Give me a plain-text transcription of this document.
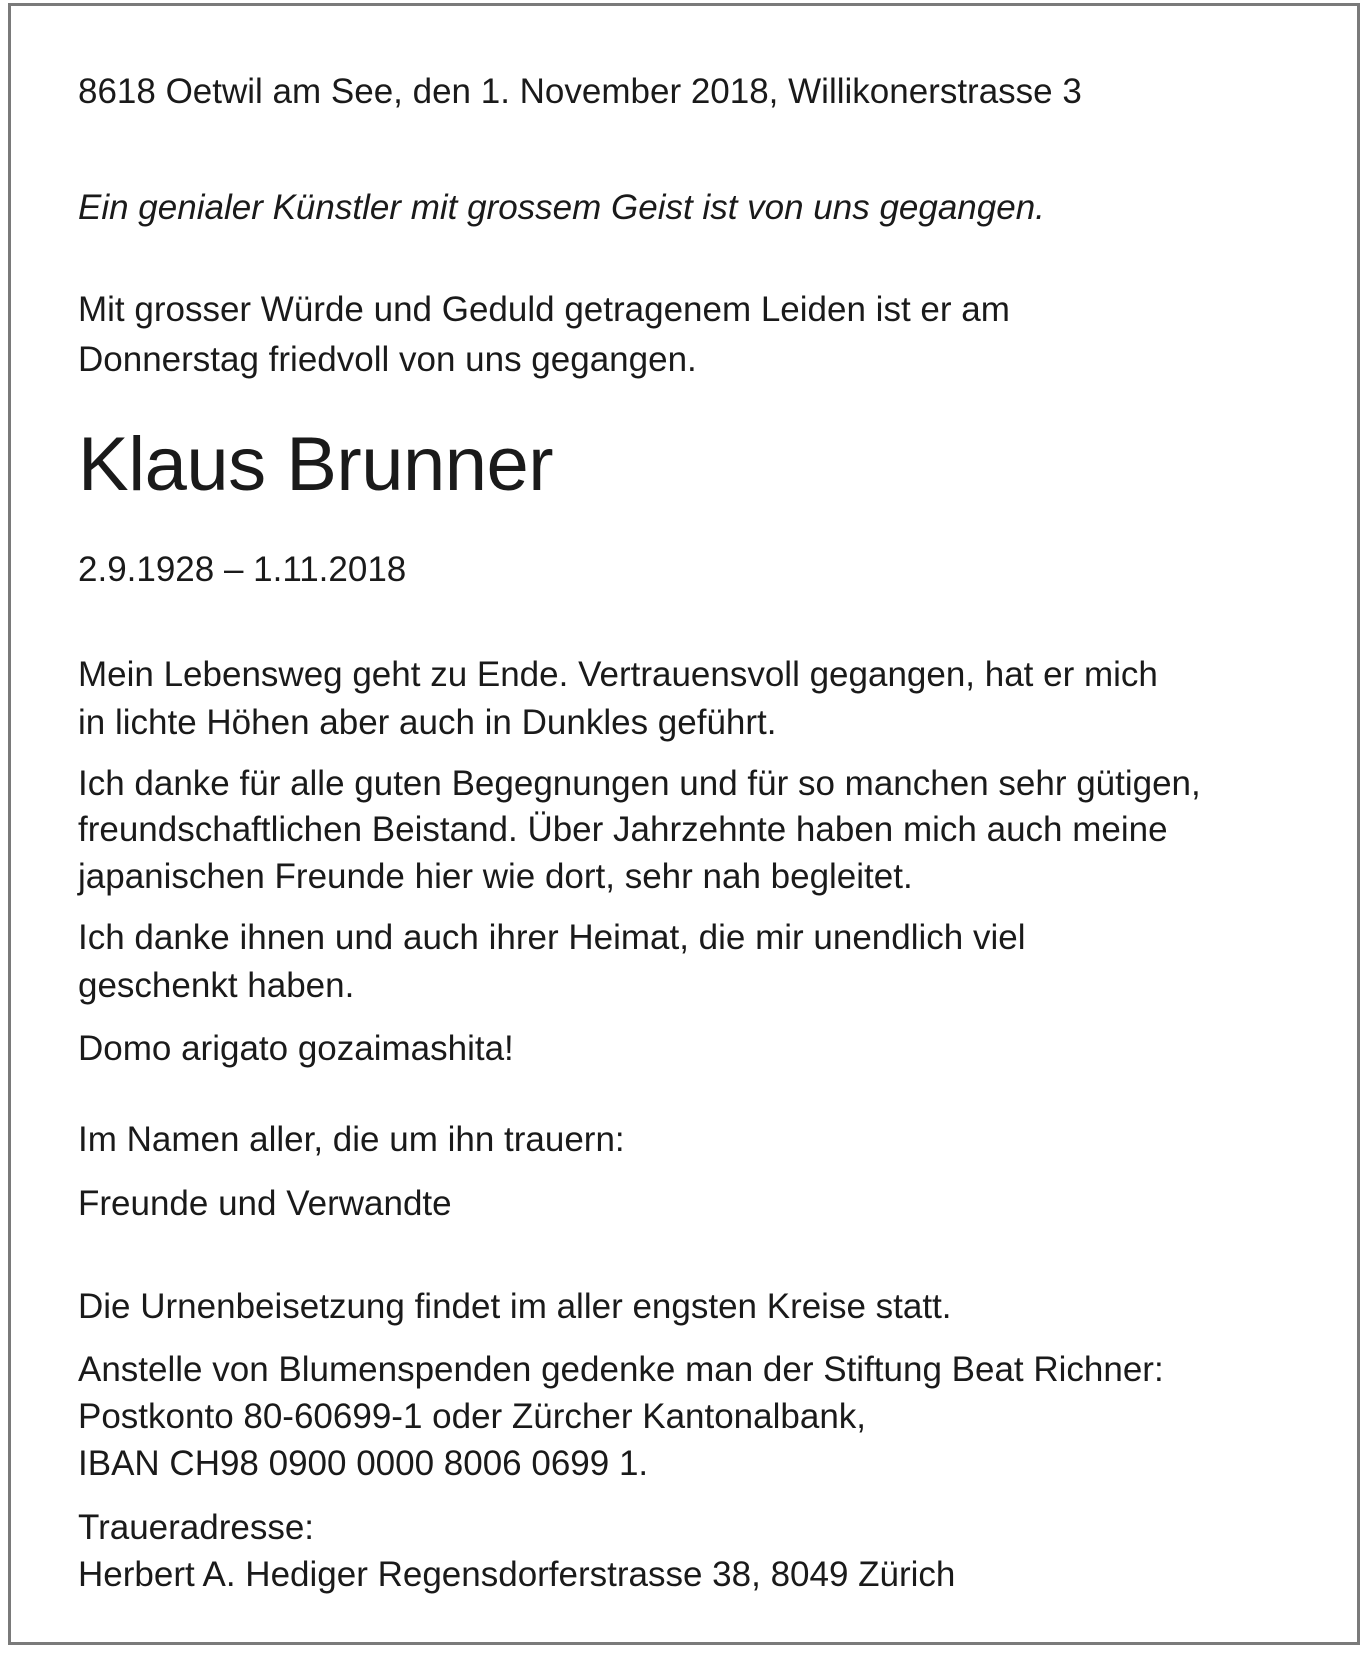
8618 Oetwil am See, den 1. November 2018, Willikonerstrasse 3
Ein genialer Künstler mit grossem Geist ist von uns gegangen.
Mit grosser Würde und Geduld getragenem Leiden ist er am
Donnerstag friedvoll von uns gegangen.
Klaus Brunner
2.9.1928 – 1.11.2018
Mein Lebensweg geht zu Ende. Vertrauensvoll gegangen, hat er mich
in lichte Höhen aber auch in Dunkles geführt.
Ich danke für alle guten Begegnungen und für so manchen sehr gütigen,
freundschaftlichen Beistand. Über Jahrzehnte haben mich auch meine
japanischen Freunde hier wie dort, sehr nah begleitet.
Ich danke ihnen und auch ihrer Heimat, die mir unendlich viel
geschenkt haben.
Domo arigato gozaimashita!
Im Namen aller, die um ihn trauern:
Freunde und Verwandte
Die Urnenbeisetzung findet im aller engsten Kreise statt.
Anstelle von Blumenspenden gedenke man der Stiftung Beat Richner:
Postkonto 80-60699-1 oder Zürcher Kantonalbank,
IBAN CH98 0900 0000 8006 0699 1.
Traueradresse:
Herbert A. Hediger Regensdorferstrasse 38, 8049 Zürich
